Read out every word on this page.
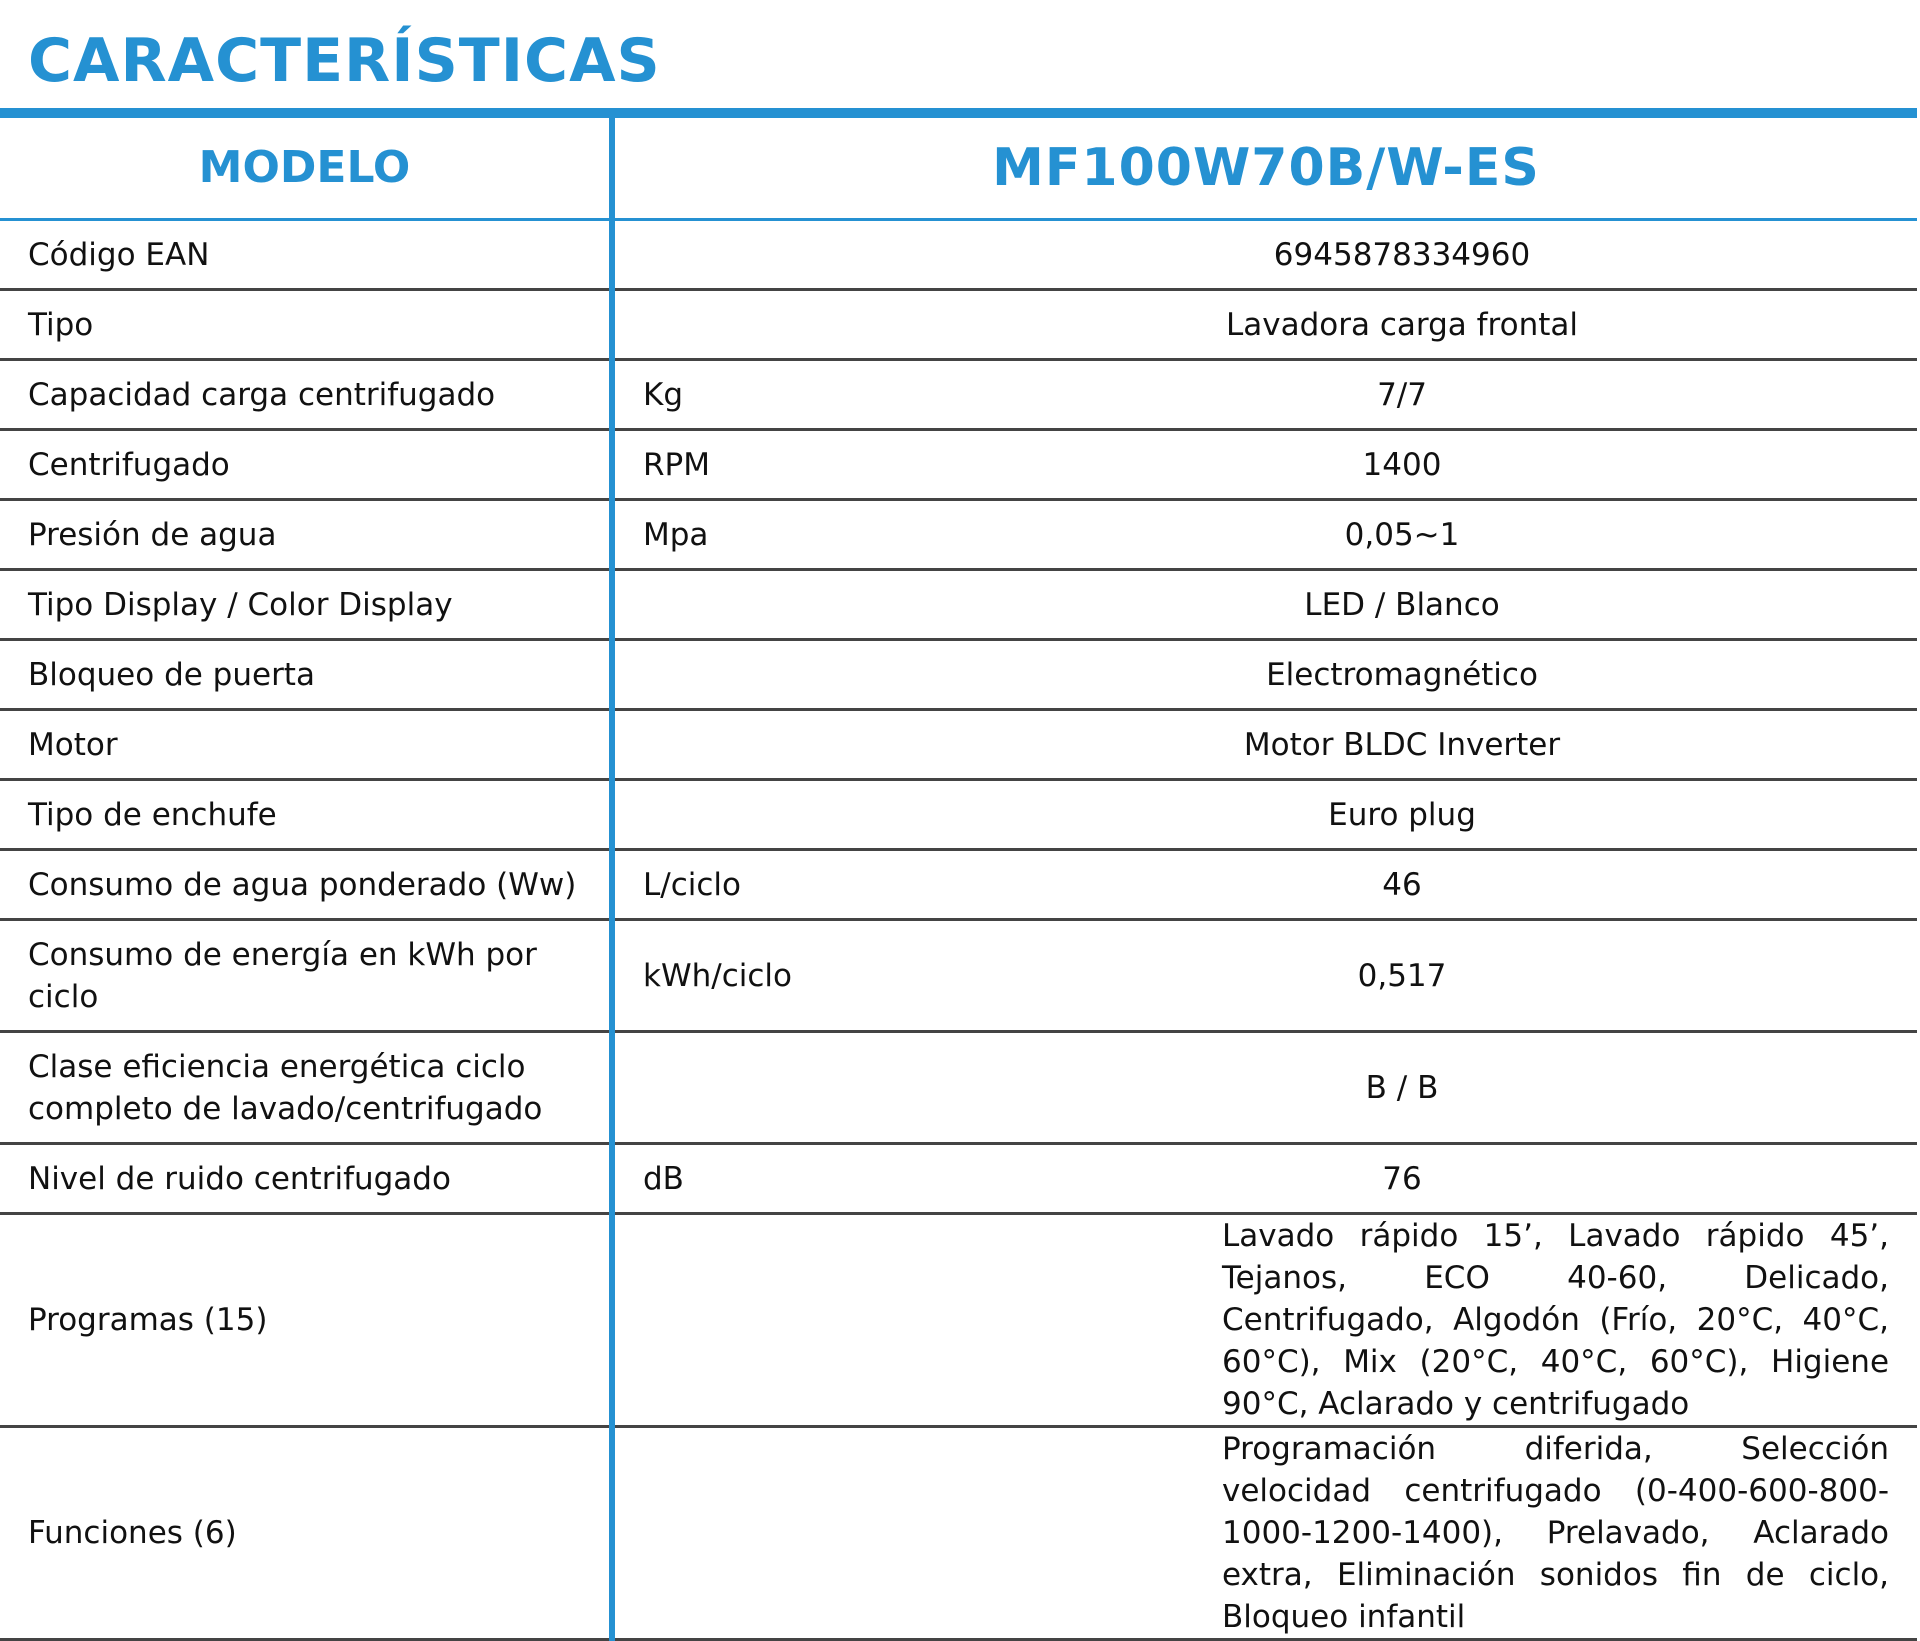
CARACTERÍSTICAS
MODELO	MF100W70B/W-ES	
Código EAN		6945878334960
Tipo		Lavadora carga frontal
Capacidad carga centrifugado	Kg	7/7
Centrifugado	RPM	1400
Presión de agua	Mpa	0,05~1
Tipo Display / Color Display		LED / Blanco
Bloqueo de puerta		Electromagnético
Motor		Motor BLDC Inverter
Tipo de enchufe		Euro plug
Consumo de agua ponderado (Ww)	L/ciclo	46
Consumo de energía en kWh por ciclo	kWh/ciclo	0,517
Clase eficiencia energética ciclo completo de lavado/centrifugado		B / B
Nivel de ruido centrifugado	dB	76
Programas (15)		Lavado rápido 15’, Lavado rápido 45’, Tejanos, ECO 40-60, Delicado, Centrifugado, Algodón (Frío, 20°C, 40°C, 60°C), Mix (20°C, 40°C, 60°C), Higiene 90°C, Aclarado y centrifugado
Funciones (6)		Programación diferida, Selección velocidad centrifugado (0-400-600-800-1000-1200-1400), Prelavado, Aclarado extra, Eliminación sonidos fin de ciclo, Bloqueo infantil
